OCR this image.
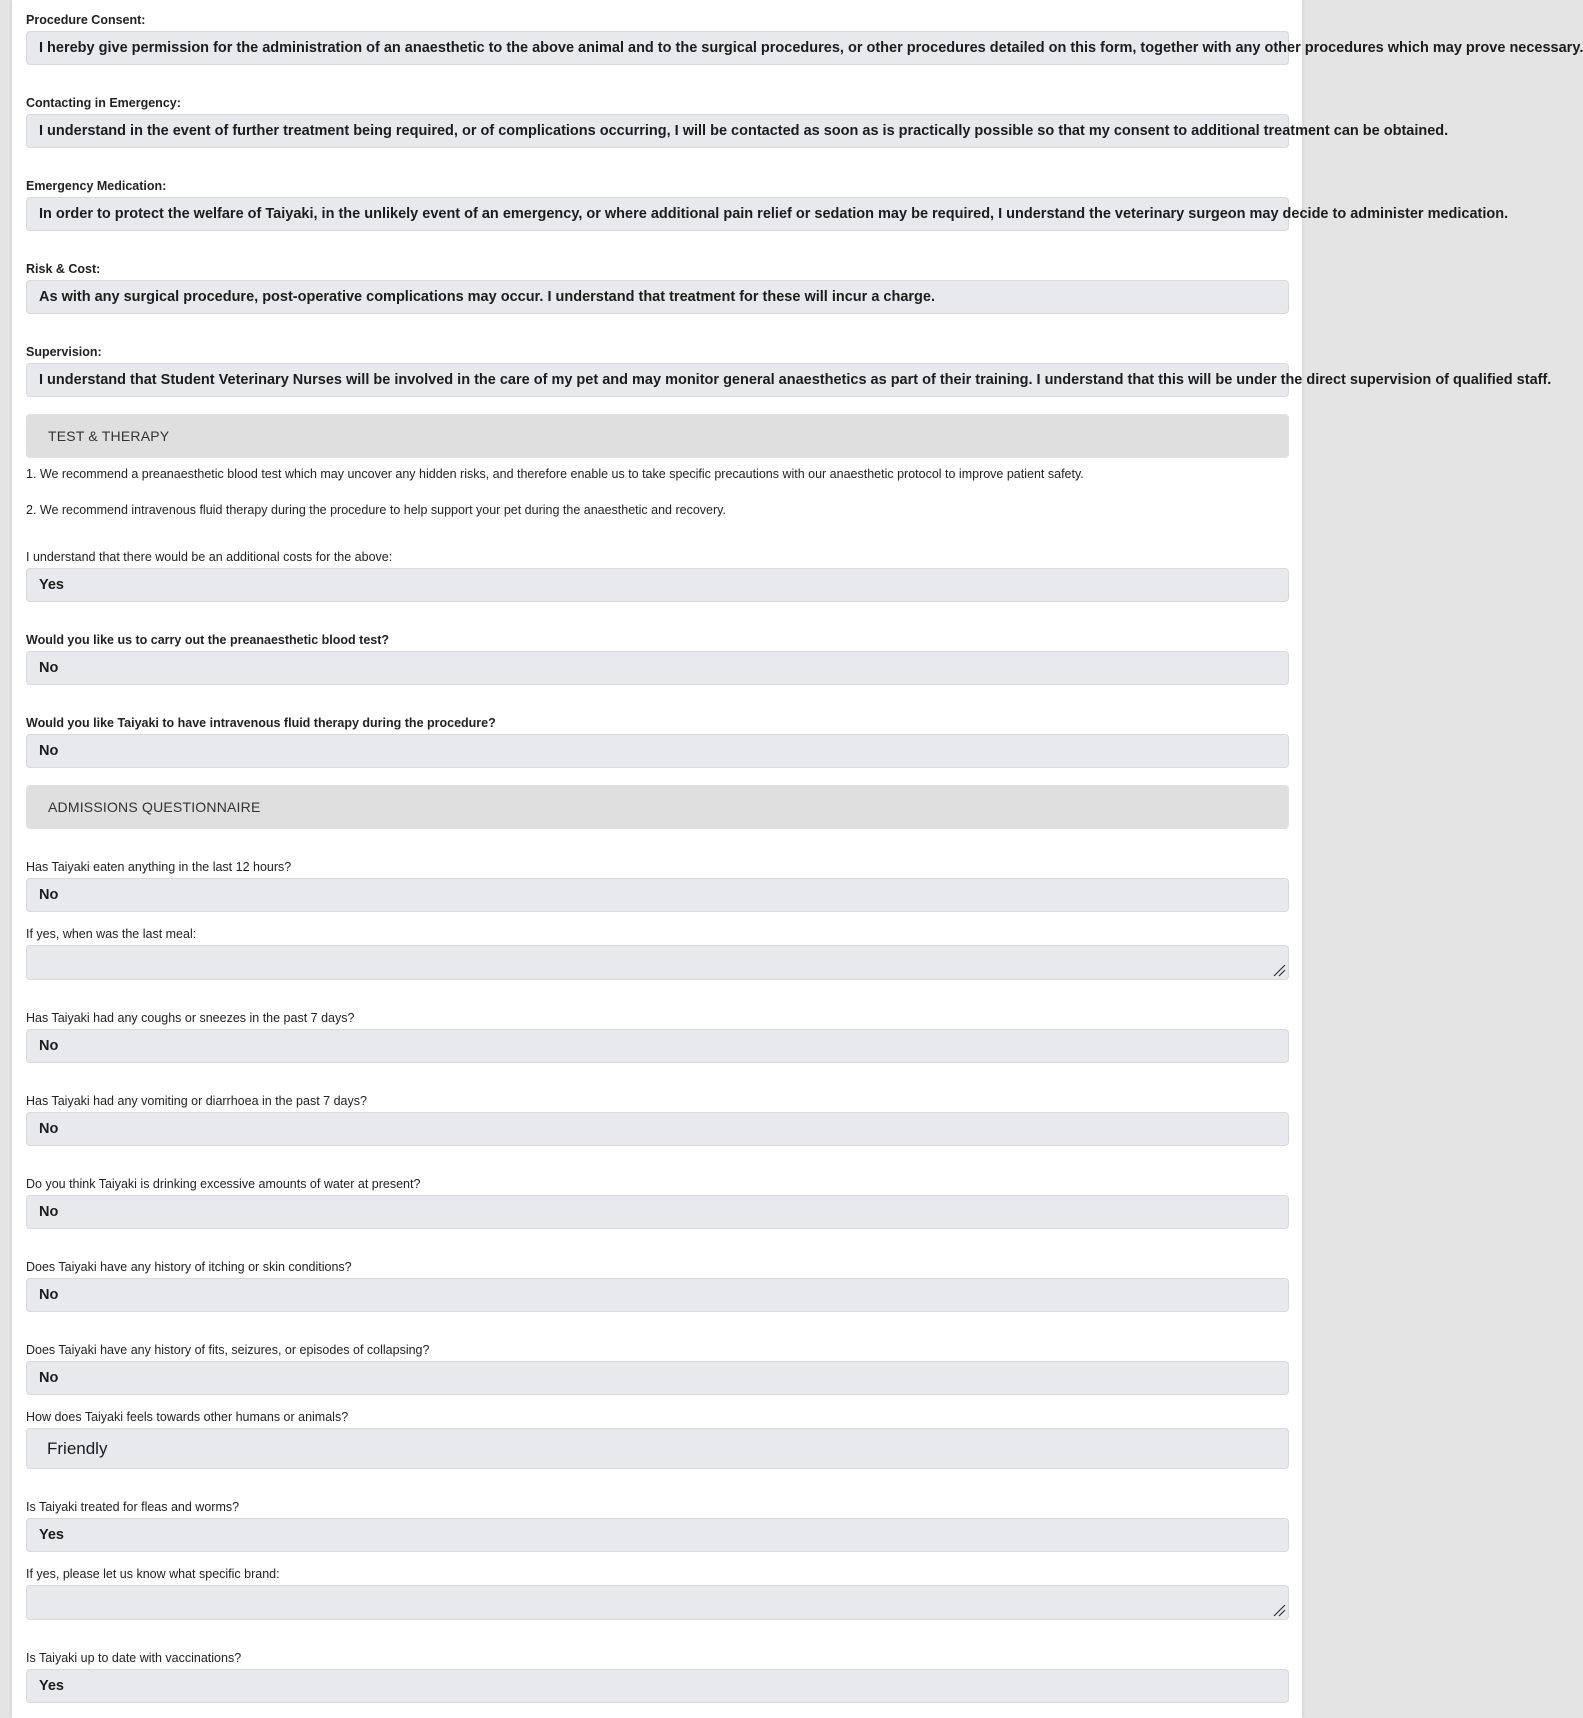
Procedure Consent:
I hereby give permission for the administration of an anaesthetic to the above animal and to the surgical procedures, or other procedures detailed on this form, together with any other procedures which may prove necessary.
Contacting in Emergency:
I understand in the event of further treatment being required, or of complications occurring, I will be contacted as soon as is practically possible so that my consent to additional treatment can be obtained.
Emergency Medication:
In order to protect the welfare of Taiyaki, in the unlikely event of an emergency, or where additional pain relief or sedation may be required, I understand the veterinary surgeon may decide to administer medication.
Risk & Cost:
As with any surgical procedure, post-operative complications may occur. I understand that treatment for these will incur a charge.
Supervision:
I understand that Student Veterinary Nurses will be involved in the care of my pet and may monitor general anaesthetics as part of their training. I understand that this will be under the direct supervision of qualified staff.
TEST & THERAPY
1. We recommend a preanaesthetic blood test which may uncover any hidden risks, and therefore enable us to take specific precautions with our anaesthetic protocol to improve patient safety.
2. We recommend intravenous fluid therapy during the procedure to help support your pet during the anaesthetic and recovery.
I understand that there would be an additional costs for the above:
Yes
Would you like us to carry out the preanaesthetic blood test?
No
Would you like Taiyaki to have intravenous fluid therapy during the procedure?
No
ADMISSIONS QUESTIONNAIRE
Has Taiyaki eaten anything in the last 12 hours?
No
If yes, when was the last meal:
Has Taiyaki had any coughs or sneezes in the past 7 days?
No
Has Taiyaki had any vomiting or diarrhoea in the past 7 days?
No
Do you think Taiyaki is drinking excessive amounts of water at present?
No
Does Taiyaki have any history of itching or skin conditions?
No
Does Taiyaki have any history of fits, seizures, or episodes of collapsing?
No
How does Taiyaki feels towards other humans or animals?
Friendly
Is Taiyaki treated for fleas and worms?
Yes
If yes, please let us know what specific brand:
Is Taiyaki up to date with vaccinations?
Yes
